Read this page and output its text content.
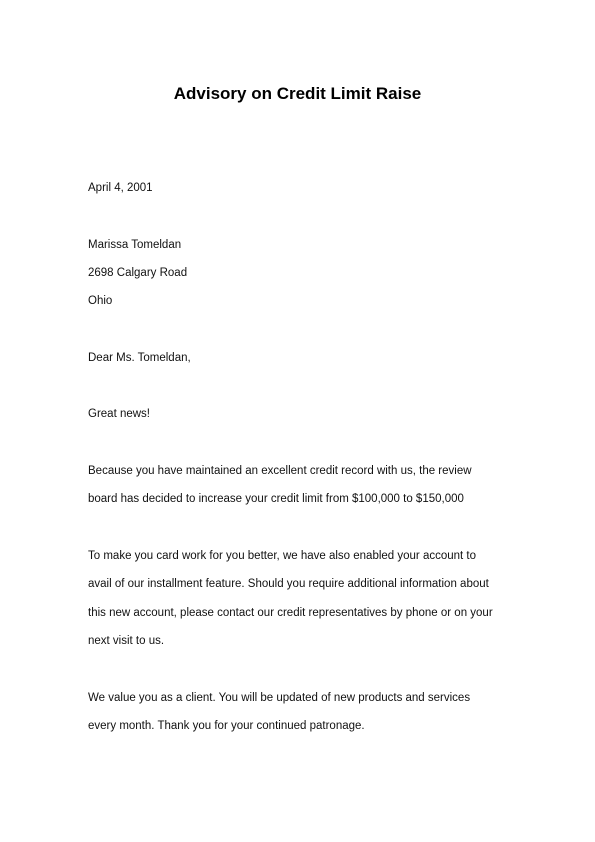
Advisory on Credit Limit Raise
April 4, 2001
Marissa Tomeldan
2698 Calgary Road
Ohio
Dear Ms. Tomeldan,
Great news!
Because you have maintained an excellent credit record with us, the review
board has decided to increase your credit limit from $100,000 to $150,000
To make you card work for you better, we have also enabled your account to
avail of our installment feature. Should you require additional information about
this new account, please contact our credit representatives by phone or on your
next visit to us.
We value you as a client. You will be updated of new products and services
every month. Thank you for your continued patronage.
